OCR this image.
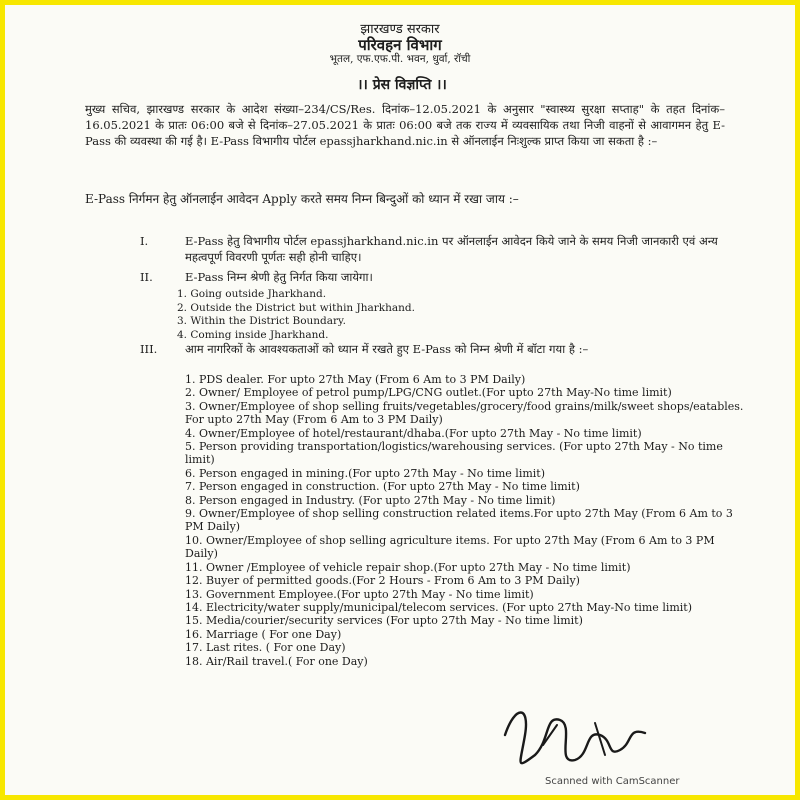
झारखण्ड सरकार
परिवहन विभाग
भूतल, एफ.एफ.पी. भवन, धुर्वा, रॉची
।। प्रेस विज्ञप्ति ।।
मुख्य सचिव, झारखण्ड सरकार के आदेश संख्या–234/CS/Res. दिनांक–12.05.2021 के अनुसार "स्वास्थ्य सुरक्षा सप्ताह" के तहत दिनांक–16.05.2021 के प्रातः 06:00 बजे से दिनांक–27.05.2021 के प्रातः 06:00 बजे तक राज्य में व्यवसायिक तथा निजी वाहनों से आवागमन हेतु E-Pass की व्यवस्था की गई है। E-Pass विभागीय पोर्टल epassjharkhand.nic.in से ऑनलाईन निःशुल्क प्राप्त किया जा सकता है :–
E-Pass निर्गमन हेतु ऑनलाईन आवेदन Apply करते समय निम्न बिन्दुओं को ध्यान में रखा जाय :–
I.	E-Pass हेतु विभागीय पोर्टल epassjharkhand.nic.in पर ऑनलाईन आवेदन किये जाने के समय निजी जानकारी एवं अन्य महत्वपूर्ण विवरणी पूर्णतः सही होनी चाहिए।
II.	E-Pass निम्न श्रेणी हेतु निर्गत किया जायेगा।
1. Going outside Jharkhand.
2. Outside the District but within Jharkhand.
3. Within the District Boundary.
4. Coming inside Jharkhand.
III. आम नागरिकों के आवश्यकताओं को ध्यान में रखते हुए E-Pass को निम्न श्रेणी में बॉटा गया है :–
1. PDS dealer. For upto 27th May (From 6 Am to 3 PM Daily)
2. Owner/ Employee of petrol pump/LPG/CNG outlet.(For upto 27th May-No time limit)
3. Owner/Employee of shop selling fruits/vegetables/grocery/food grains/milk/sweet shops/eatables. For upto 27th May (From 6 Am to 3 PM Daily)
4. Owner/Employee of hotel/restaurant/dhaba.(For upto 27th May - No time limit)
5. Person providing transportation/logistics/warehousing services. (For upto 27th May - No time limit)
6. Person engaged in mining.(For upto 27th May - No time limit)
7. Person engaged in construction. (For upto 27th May - No time limit)
8. Person engaged in Industry. (For upto 27th May - No time limit)
9. Owner/Employee of shop selling construction related items.For upto 27th May (From 6 Am to 3 PM Daily)
10. Owner/Employee of shop selling agriculture items. For upto 27th May (From 6 Am to 3 PM Daily)
11. Owner /Employee of vehicle repair shop.(For upto 27th May - No time limit)
12. Buyer of permitted goods.(For 2 Hours - From 6 Am to 3 PM Daily)
13. Government Employee.(For upto 27th May - No time limit)
14. Electricity/water supply/municipal/telecom services. (For upto 27th May-No time limit)
15. Media/courier/security services (For upto 27th May - No time limit)
16. Marriage ( For one Day)
17. Last rites. ( For one Day)
18. Air/Rail travel.( For one Day)
Scanned with CamScanner
